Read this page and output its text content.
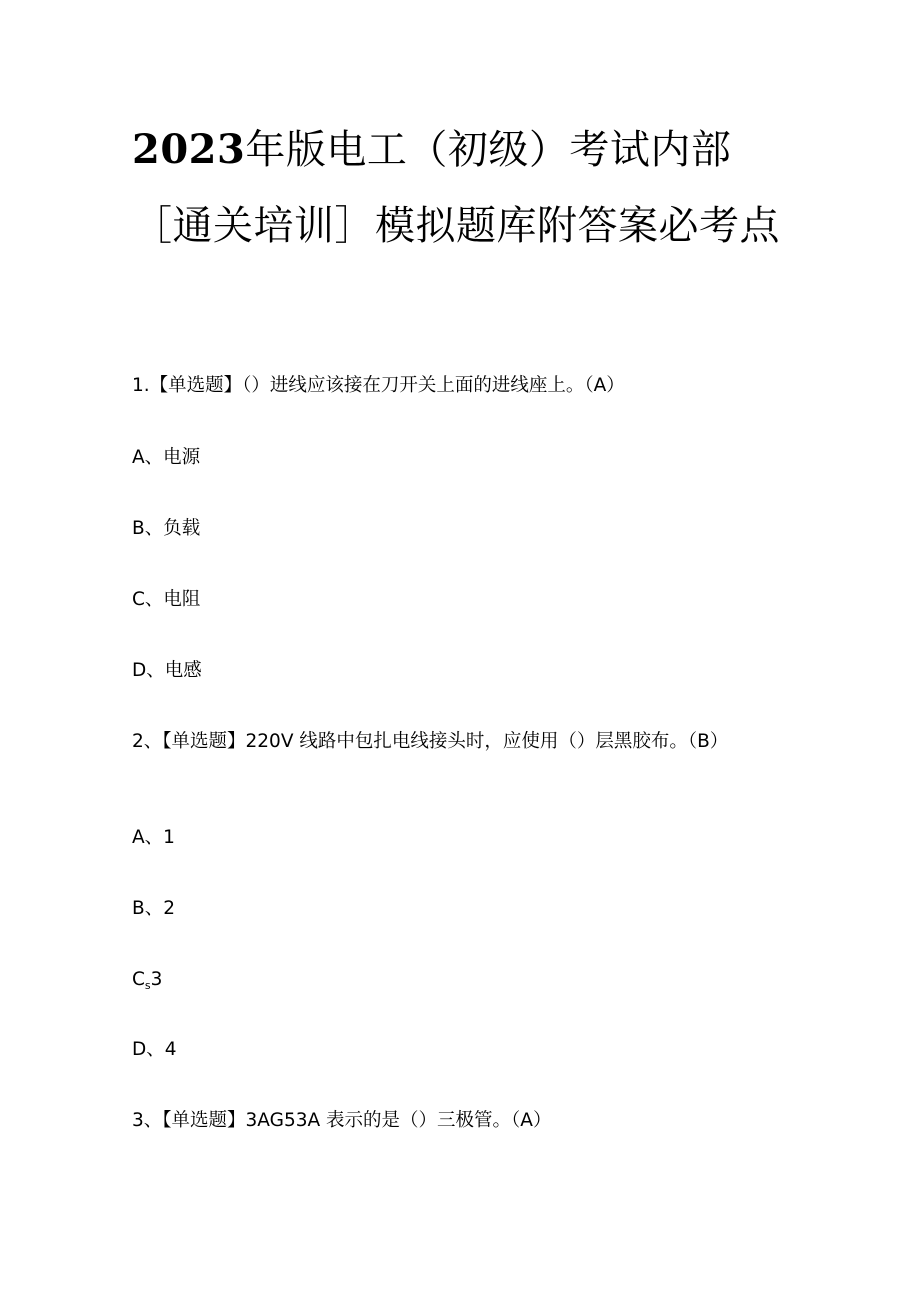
2023年版电工（初级）考试内部［通关培训］模拟题库附答案必考点

1.【单选题】（）进线应该接在刀开关上面的进线座上。（A）

A、电源

B、负载

C、电阻

D、电感

2、【单选题】220V 线路中包扎电线接头时，应使用（）层黑胶布。（B）

A、1

B、2

$C_s3$

D、4

3、【单选题】3AG53A 表示的是（）三极管。（A）
